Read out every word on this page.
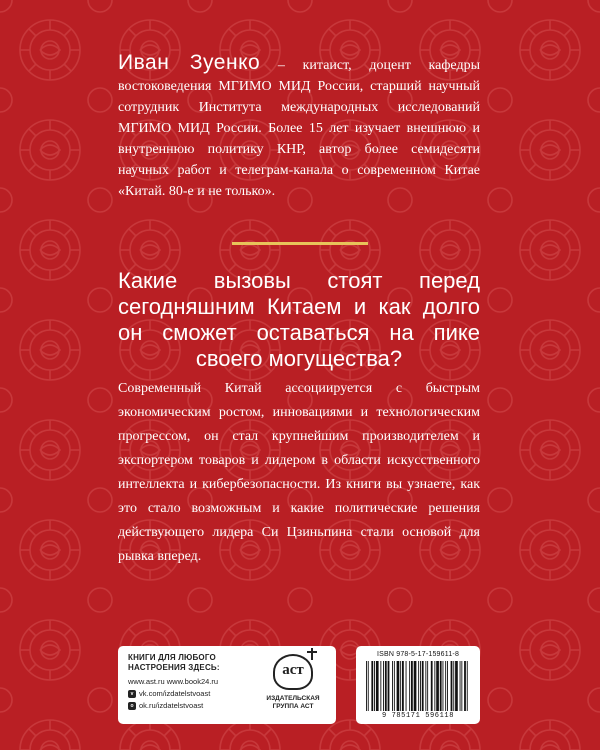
Иван Зуенко – китаист, доцент кафедры востоковедения МГИМО МИД России, старший научный сотрудник Института международных исследований МГИМО МИД России. Более 15 лет изучает внешнюю и внутреннюю политику КНР, автор более семидесяти научных работ и телеграм-канала о современном Китае «Китай. 80-е и не только».
Какие вызовы стоят перед сегодняшним Китаем и как долго он сможет оставаться на пике своего могущества?
Современный Китай ассоциируется с быстрым экономическим ростом, инновациями и технологическим прогрессом, он стал крупнейшим производителем и экспортером товаров и лидером в области искусственного интеллекта и кибербезопасности. Из книги вы узнаете, как это стало возможным и какие политические решения действующего лидера Си Цзиньпина стали основой для рывка вперед.
КНИГИ ДЛЯ ЛЮБОГО
НАСТРОЕНИЯ ЗДЕСЬ:
www.ast.ru www.book24.ru
v vk.com/izdatelstvoast
o ok.ru/izdatelstvoast
аст
ИЗДАТЕЛЬСКАЯ
ГРУППА АСТ
ISBN 978-5-17-159611-8
9 785171 596118
